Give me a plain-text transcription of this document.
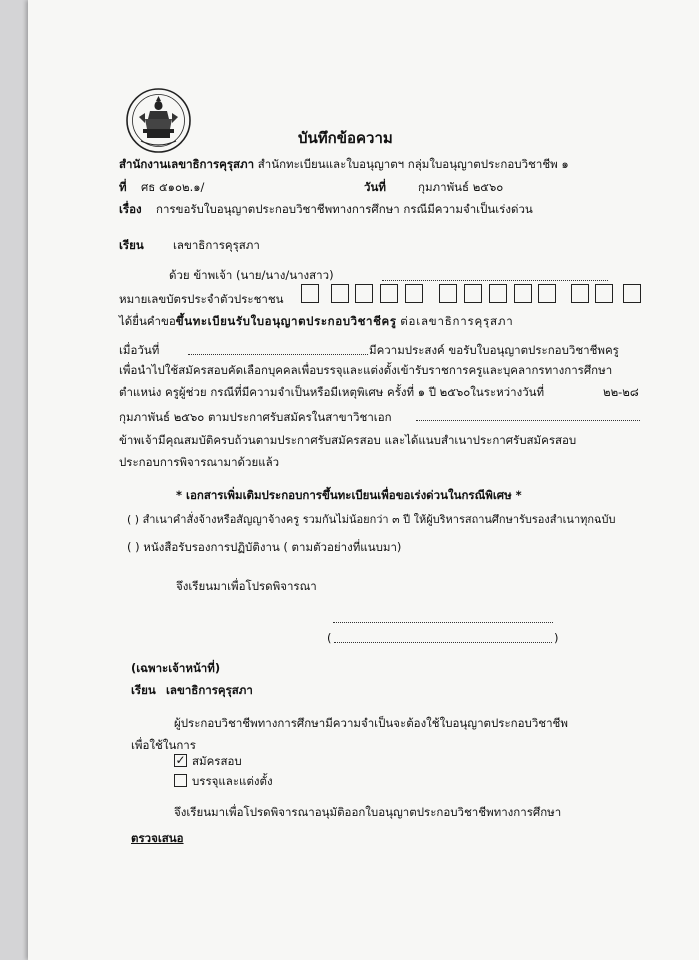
บันทึกข้อความ
สำนักงานเลขาธิการคุรุสภา สำนักทะเบียนและใบอนุญาตฯ กลุ่มใบอนุญาตประกอบวิชาชีพ ๑
ที่ ศธ ๕๑๐๒.๑/	วันที่	กุมภาพันธ์ ๒๕๖๐
เรื่อง การขอรับใบอนุญาตประกอบวิชาชีพทางการศึกษา กรณีมีความจำเป็นเร่งด่วน
เรียน	เลขาธิการคุรุสภา
ด้วย ข้าพเจ้า (นาย/นาง/นางสาว)
หมายเลขบัตรประจำตัวประชาชน
ได้ยื่นคำขอขึ้นทะเบียนรับใบอนุญาตประกอบวิชาชีครู ต่อเลขาธิการคุรุสภา
เมื่อวันที่	มีความประสงค์ ขอรับใบอนุญาตประกอบวิชาชีพครู
เพื่อนำไปใช้สมัครสอบคัดเลือกบุคคลเพื่อบรรจุและแต่งตั้งเข้ารับราชการครูและบุคลากรทางการศึกษา
ตำแหน่ง ครูผู้ช่วย กรณีที่มีความจำเป็นหรือมีเหตุพิเศษ ครั้งที่ ๑ ปี ๒๕๖๐ในระหว่างวันที่	๒๒-๒๘
กุมภาพันธ์ ๒๕๖๐ ตามประกาศรับสมัครในสาขาวิชาเอก
ข้าพเจ้ามีคุณสมบัติครบถ้วนตามประกาศรับสมัครสอบ และได้แนบสำเนาประกาศรับสมัครสอบ
ประกอบการพิจารณามาด้วยแล้ว
* เอกสารเพิ่มเติมประกอบการขึ้นทะเบียนเพื่อขอเร่งด่วนในกรณีพิเศษ *
( ) สำเนาคำสั่งจ้างหรือสัญญาจ้างครู รวมกันไม่น้อยกว่า ๓ ปี ให้ผู้บริหารสถานศึกษารับรองสำเนาทุกฉบับ
( ) หนังสือรับรองการปฏิบัติงาน ( ตามตัวอย่างที่แนบมา)
จึงเรียนมาเพื่อโปรดพิจารณา
(	)
(เฉพาะเจ้าหน้าที่)
เรียน เลขาธิการคุรุสภา
ผู้ประกอบวิชาชีพทางการศึกษามีความจำเป็นจะต้องใช้ใบอนุญาตประกอบวิชาชีพ
เพื่อใช้ในการ
✓ สมัครสอบ
บรรจุและแต่งตั้ง
จึงเรียนมาเพื่อโปรดพิจารณาอนุมัติออกใบอนุญาตประกอบวิชาชีพทางการศึกษา
ตรวจเสนอ
